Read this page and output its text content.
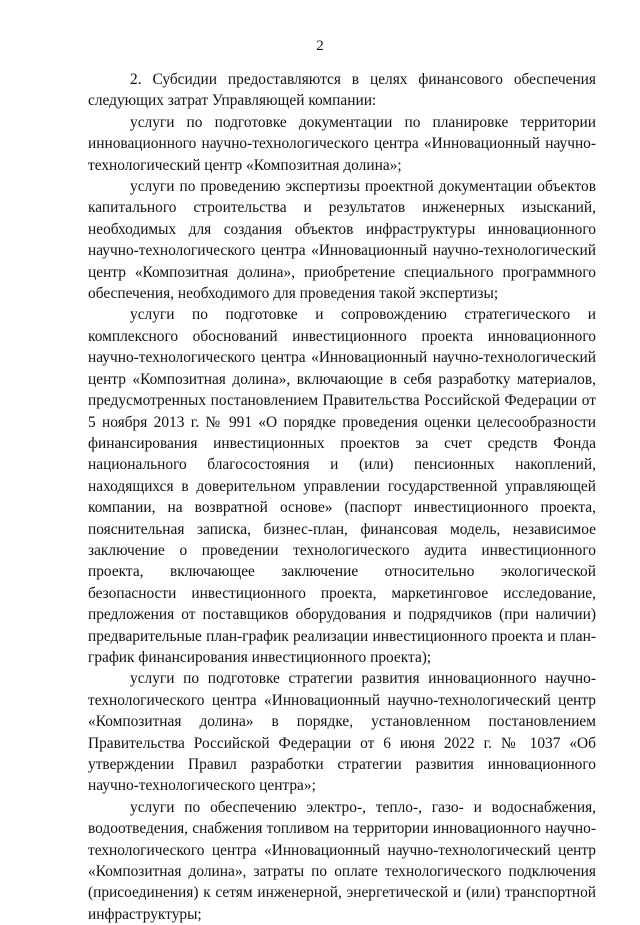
2

2. Субсидии предоставляются в целях финансового обеспечения следующих затрат Управляющей компании:

услуги по подготовке документации по планировке территории инновационного научно-технологического центра «Инновационный научно-технологический центр «Композитная долина»;

услуги по проведению экспертизы проектной документации объектов капитального строительства и результатов инженерных изысканий, необходимых для создания объектов инфраструктуры инновационного научно-технологического центра «Инновационный научно-технологический центр «Композитная долина», приобретение специального программного обеспечения, необходимого для проведения такой экспертизы;

услуги по подготовке и сопровождению стратегического и комплексного обоснований инвестиционного проекта инновационного научно-технологического центра «Инновационный научно-технологический центр «Композитная долина», включающие в себя разработку материалов, предусмотренных постановлением Правительства Российской Федерации от 5 ноября 2013 г. № 991 «О порядке проведения оценки целесообразности финансирования инвестиционных проектов за счет средств Фонда национального благосостояния и (или) пенсионных накоплений, находящихся в доверительном управлении государственной управляющей компании, на возвратной основе» (паспорт инвестиционного проекта, пояснительная записка, бизнес-план, финансовая модель, независимое заключение о проведении технологического аудита инвестиционного проекта, включающее заключение относительно экологической безопасности инвестиционного проекта, маркетинговое исследование, предложения от поставщиков оборудования и подрядчиков (при наличии) предварительные план-график реализации инвестиционного проекта и план-график финансирования инвестиционного проекта);

услуги по подготовке стратегии развития инновационного научно-технологического центра «Инновационный научно-технологический центр «Композитная долина» в порядке, установленном постановлением Правительства Российской Федерации от 6 июня 2022 г. № 1037 «Об утверждении Правил разработки стратегии развития инновационного научно-технологического центра»;

услуги по обеспечению электро-, тепло-, газо- и водоснабжения, водоотведения, снабжения топливом на территории инновационного научно-технологического центра «Инновационный научно-технологический центр «Композитная долина», затраты по оплате технологического подключения (присоединения) к сетям инженерной, энергетической и (или) транспортной инфраструктуры;
